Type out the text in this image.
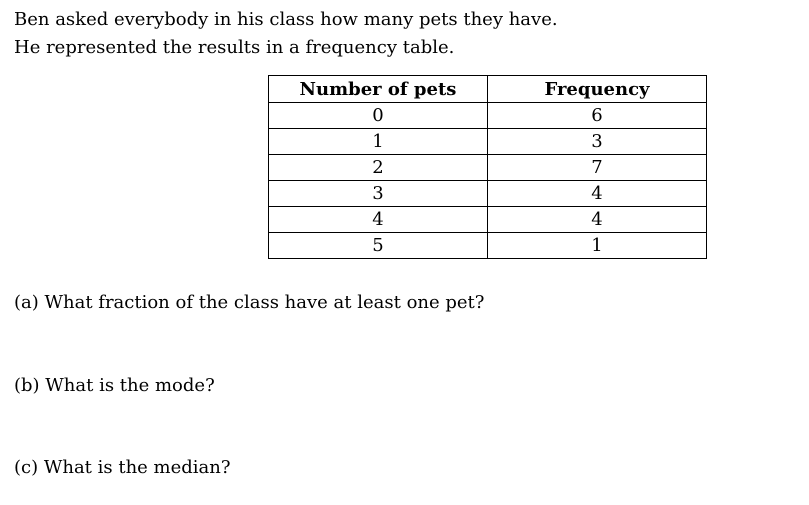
Ben asked everybody in his class how many pets they have.

He represented the results in a frequency table.

Number of pets	Frequency
0	6
1	3
2	7
3	4
4	4
5	1

(a) What fraction of the class have at least one pet?

(b) What is the mode?

(c) What is the median?
